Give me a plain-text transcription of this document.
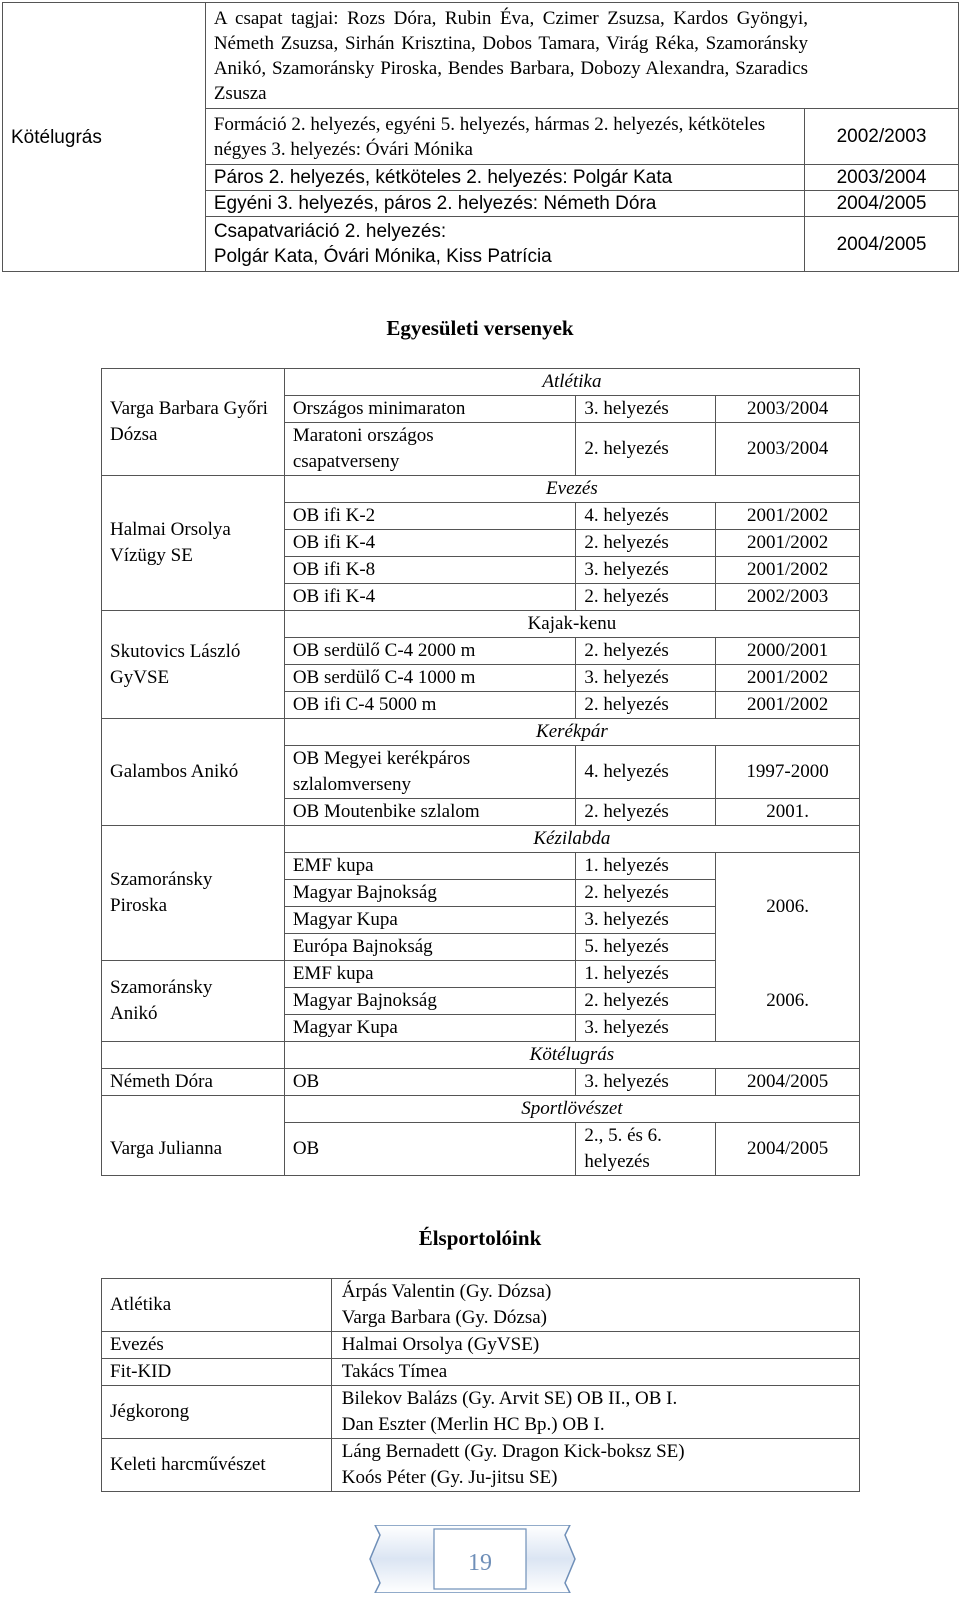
Kötélugrás	A csapat tagjai: Rozs Dóra, Rubin Éva, Czimer Zsuzsa, Kardos Gyöngyi, Németh Zsuzsa, Sirhán Krisztina, Dobos Tamara, Virág Réka, Szamoránsky Anikó, Szamoránsky Piroska, Bendes Barbara, Dobozy Alexandra, Szaradics Zsusza	
	Formáció 2. helyezés, egyéni 5. helyezés, hármas 2. helyezés, kétköteles négyes 3. helyezés: Óvári Mónika	2002/2003
	Páros 2. helyezés, kétköteles 2. helyezés: Polgár Kata	2003/2004
	Egyéni 3. helyezés, páros 2. helyezés: Németh Dóra	2004/2005

	Csapatvariáció 2. helyezés:
Polgár Kata, Óvári Mónika, Kiss Patrícia	2004/2005
Egyesületi versenyek
Varga Barbara Győri Dózsa	Atlétika		
	Országos minimaraton	3. helyezés	2003/2004
	Maratoni országos csapatverseny	2. helyezés	2003/2004
Halmai Orsolya Vízügy SE	Evezés		
	OB ifi K-2	4. helyezés	2001/2002
	OB ifi K-4	2. helyezés	2001/2002
	OB ifi K-8	3. helyezés	2001/2002
	OB ifi K-4	2. helyezés	2002/2003
Skutovics László GyVSE	Kajak-kenu		
	OB serdülő C-4 2000 m	2. helyezés	2000/2001
	OB serdülő C-4 1000 m	3. helyezés	2001/2002
	OB ifi C-4 5000 m	2. helyezés	2001/2002
Galambos Anikó	Kerékpár		
	OB Megyei kerékpáros szlalomverseny	4. helyezés	1997-2000
	OB Moutenbike szlalom	2. helyezés	2001.
Szamoránsky Piroska	Kézilabda		
	EMF kupa	1. helyezés	2006.
	Magyar Bajnokság	2. helyezés	
	Magyar Kupa	3. helyezés	
	Európa Bajnokság	5. helyezés	
Szamoránsky Anikó	EMF kupa	1. helyezés	2006.
	Magyar Bajnokság	2. helyezés	
	Magyar Kupa	3. helyezés	
	Kötélugrás		
Németh Dóra	OB	3. helyezés	2004/2005
	Sportlövészet		
Varga Julianna	OB	2., 5. és 6. helyezés	2004/2005
Élsportolóink
Atlétika	Árpás Valentin (Gy. Dózsa)
Varga Barbara (Gy. Dózsa)

Evezés	Halmai Orsolya (GyVSE)

Fit-KID	Takács Tímea

Jégkorong	Bilekov Balázs (Gy. Arvit SE) OB II., OB I.
Dan Eszter (Merlin HC Bp.) OB I.

Keleti harcművészet	Láng Bernadett (Gy. Dragon Kick-boksz SE)
Koós Péter (Gy. Ju-jitsu SE)
19
